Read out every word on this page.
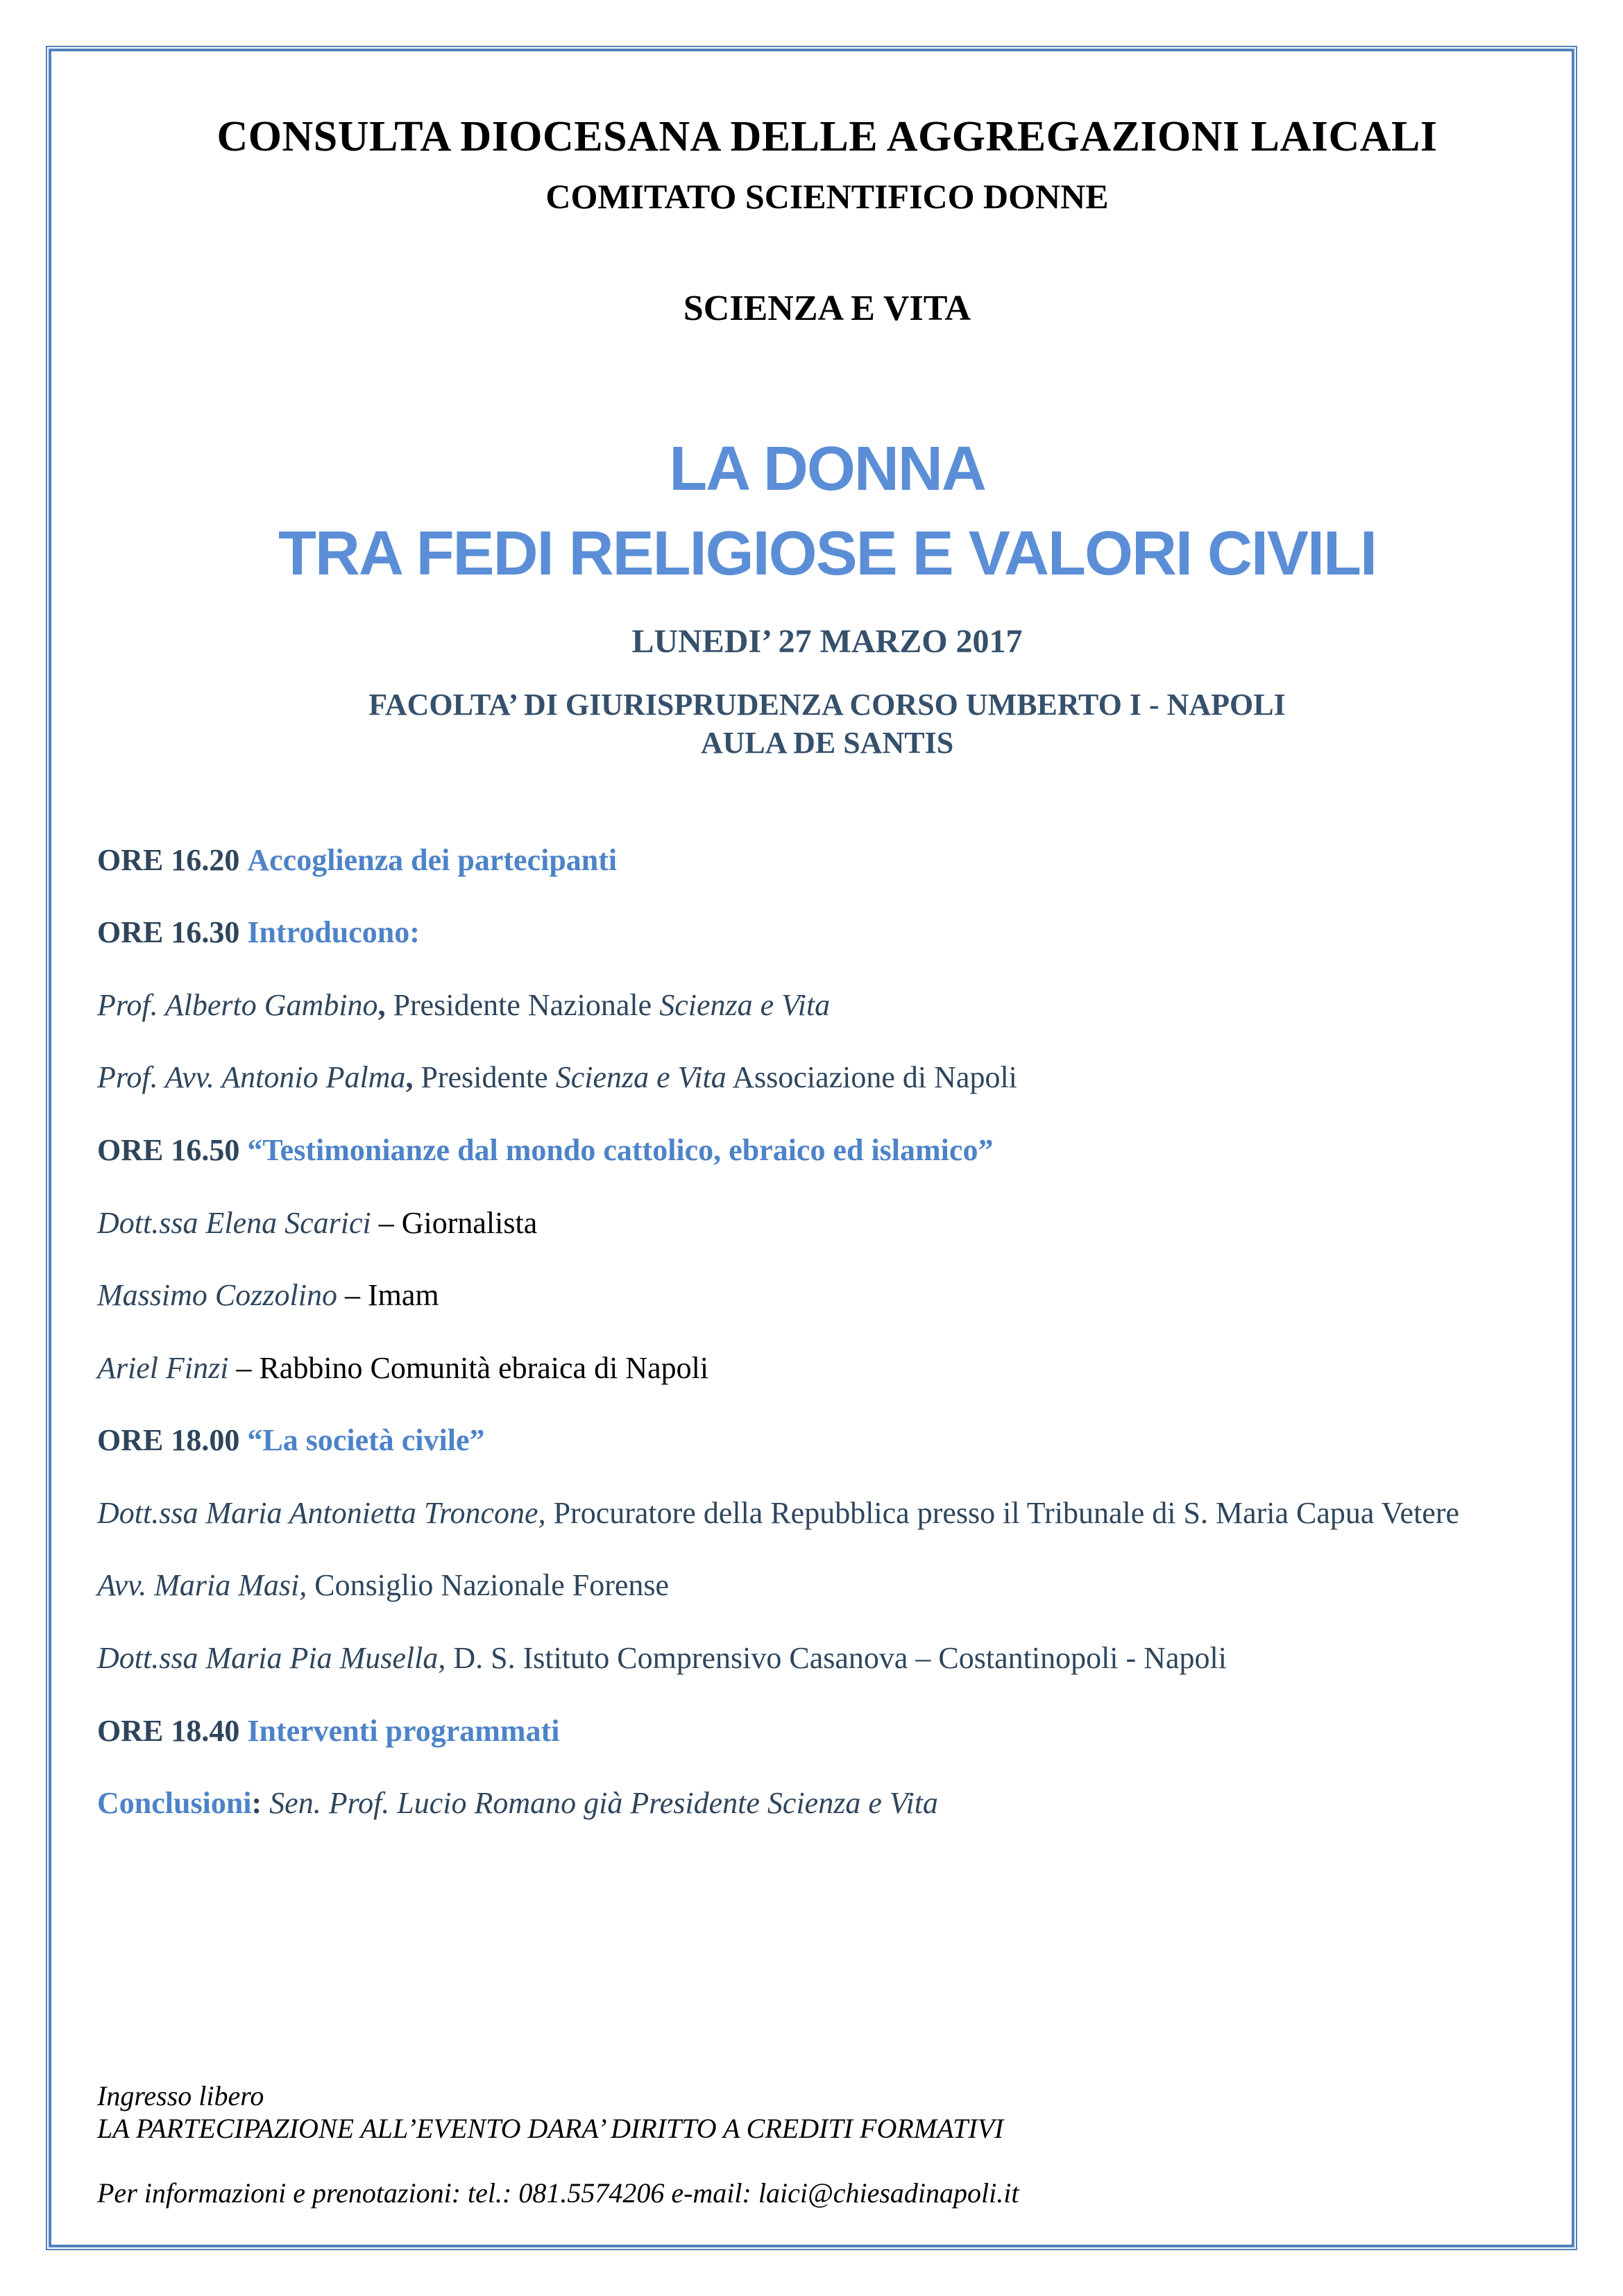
CONSULTA DIOCESANA DELLE AGGREGAZIONI LAICALI

COMITATO SCIENTIFICO DONNE

SCIENZA E VITA

LA DONNA
TRA FEDI RELIGIOSE E VALORI CIVILI

LUNEDI’ 27 MARZO 2017

FACOLTA’ DI GIURISPRUDENZA CORSO UMBERTO I - NAPOLI
AULA DE SANTIS

ORE 16.20 Accoglienza dei partecipanti

ORE 16.30 Introducono:

Prof. Alberto Gambino, Presidente Nazionale Scienza e Vita

Prof. Avv. Antonio Palma, Presidente Scienza e Vita Associazione di Napoli

ORE 16.50 “Testimonianze dal mondo cattolico, ebraico ed islamico”

Dott.ssa Elena Scarici – Giornalista

Massimo Cozzolino – Imam

Ariel Finzi – Rabbino Comunità ebraica di Napoli

ORE 18.00 “La società civile”

Dott.ssa Maria Antonietta Troncone, Procuratore della Repubblica presso il Tribunale di S. Maria Capua Vetere

Avv. Maria Masi, Consiglio Nazionale Forense

Dott.ssa Maria Pia Musella, D. S. Istituto Comprensivo Casanova – Costantinopoli - Napoli

ORE 18.40 Interventi programmati

Conclusioni: Sen. Prof. Lucio Romano già Presidente Scienza e Vita

Ingresso libero
LA PARTECIPAZIONE ALL’EVENTO DARA’ DIRITTO A CREDITI FORMATIVI

Per informazioni e prenotazioni: tel.: 081.5574206 e-mail: laici@chiesadinapoli.it
